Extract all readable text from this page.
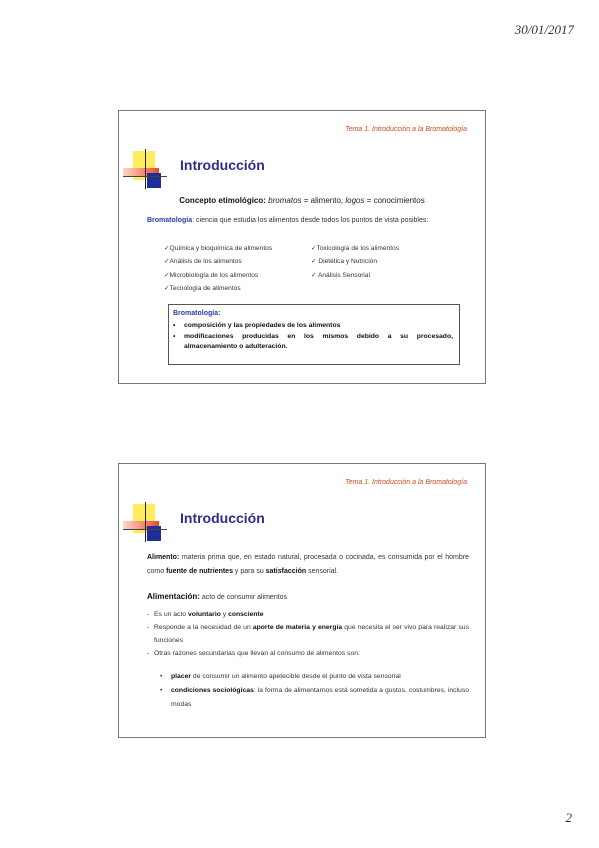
30/01/2017
Tema 1. Introducción a la Bromatología
Introducción
Concepto etimológico: bromatos = alimento, logos = conocimientos
Bromatología: ciencia que estudia los alimentos desde todos los puntos de vista posibles:
✓Química y bioquímica de alimentos
✓Análisis de los alimentos
✓Microbiología de los alimentos
✓Tecnología de alimentos
✓Toxicología de los alimentos
✓ Dietética y Nutrición
✓ Análisis Sensorial
Bromatología:
• composición y las propiedades de los alimentos
• modificaciones producidas en los mismos debido a su procesado, almacenamiento o adulteración.
Tema 1. Introducción a la Bromatología
Introducción
Alimento: materia prima que, en estado natural, procesada o cocinada, es consumida por el hombre como fuente de nutrientes y para su satisfacción sensorial.
Alimentación: acto de consumir alimentos
- Es un acto voluntario y consciente
- Responde a la necesidad de un aporte de materia y energía que necesita el ser vivo para realizar sus funciones
- Otras razones secundarias que llevan al consumo de alimentos son:
• placer de consumir un alimento apetecible desde el punto de vista sensorial
• condiciones sociológicas: la forma de alimentarnos está sometida a gustos, costumbres, incluso modas
2
